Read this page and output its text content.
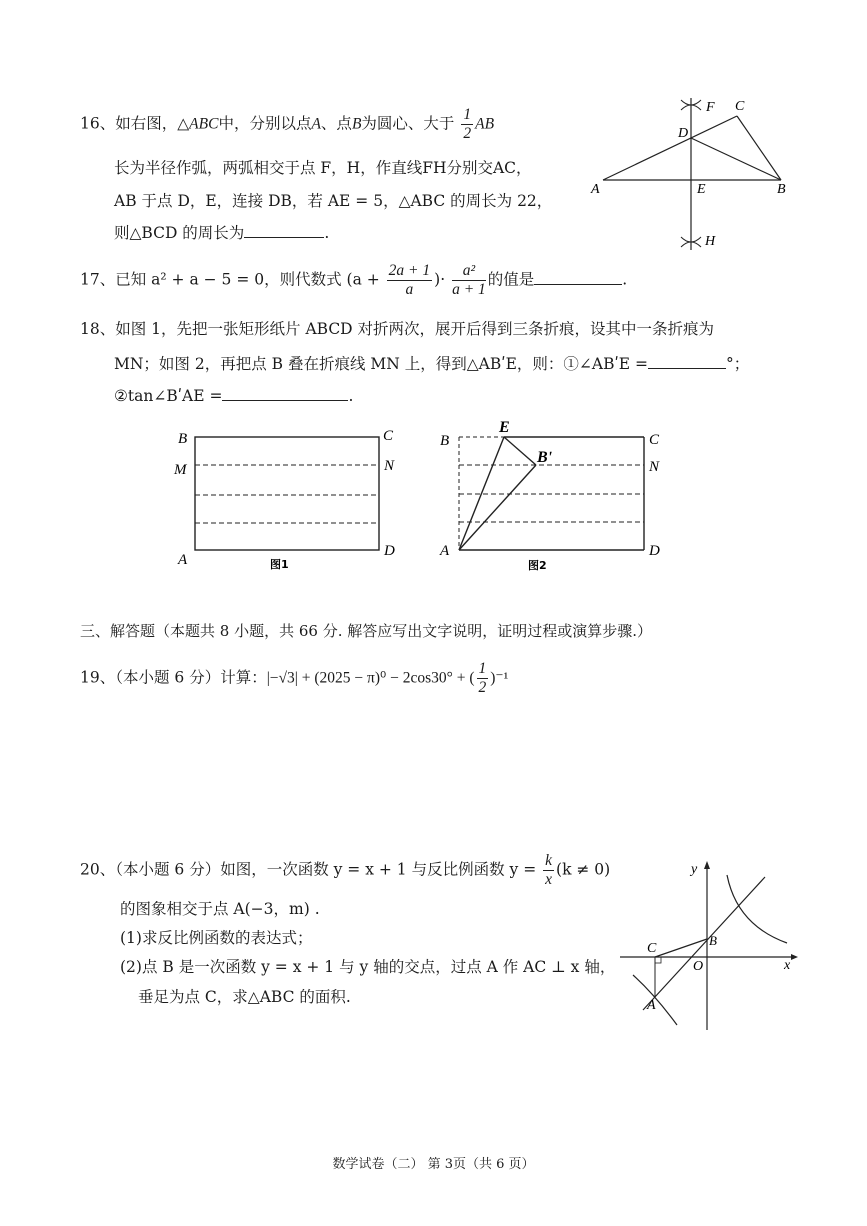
16、如右图，△ABC中，分别以点A、点B为圆心、大于 $\frac{1}{2}$ AB
长为半径作弧，两弧相交于点 F，H，作直线FH分别交AC，
AB 于点 D，E，连接 DB，若 AE = 5，△ABC 的周长为 22，
则△BCD 的周长为	.
F C
D
A	E	B
H
17、已知 a² + a − 5 = 0，则代数式 ($a + \frac{2a + 1}{a}$ )· $\frac{\text{a²}}{a + 1}$ 的值是	.
18、如图 1，先把一张矩形纸片 ABCD 对折两次，展开后得到三条折痕，设其中一条折痕为
MN；如图 2，再把点 B 叠在折痕线 MN 上，得到△ABʹE，则：①∠ABʹE =	°；
②tan∠BʹAE =	.
B	C
M	N
A
D
图1
B
E
Bʹ
C
N
A	D
图2
三、解答题（本题共 8 小题，共 66 分. 解答应写出文字说明，证明过程或演算步骤.）
19、（本小题 6 分）计算：|−√3| + (2025 − π)⁰ − 2cos30° + ( $\frac{1}{2} )^{-1}$
20、（本小题 6 分）如图，一次函数 y = x + 1 与反比例函数 $y = \frac{k}{x} (k \ne 0)$
的图象相交于点 A(−3，m) .
(1)求反比例函数的表达式；
(2)点 B 是一次函数 y = x + 1 与 y 轴的交点，过点 A 作 AC ⊥ x 轴，
垂足为点 C，求△ABC 的面积.
y
x
C
B
O
A
数学试卷（二） 第 3页（共 6 页）
